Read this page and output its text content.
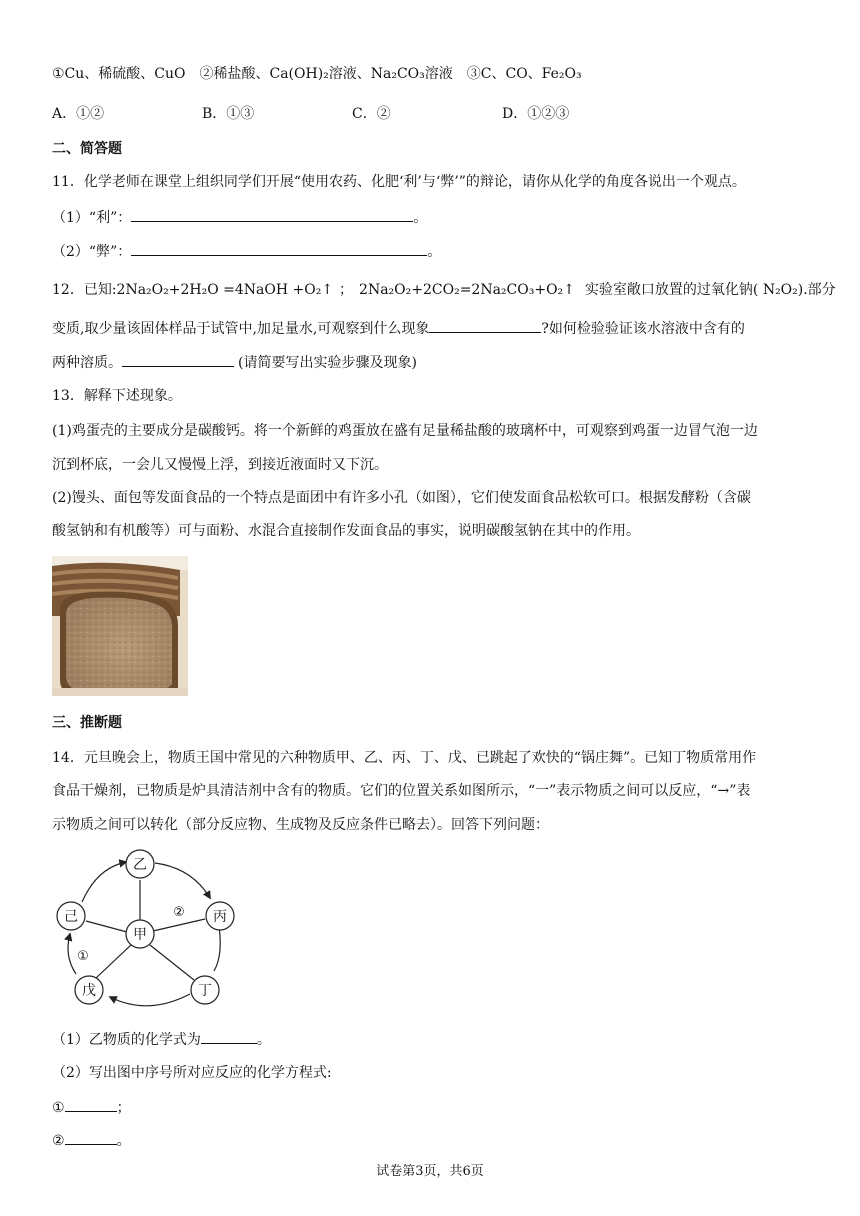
①Cu、稀硫酸、CuO　②稀盐酸、Ca(OH)₂溶液、Na₂CO₃溶液　③C、CO、Fe₂O₃
A．①②	B．①③	C．②	D．①②③
二、简答题
11．化学老师在课堂上组织同学们开展“使用农药、化肥‘利’与‘弊’”的辩论，请你从化学的角度各说出一个观点。
（1）“利”：	。
（2）“弊”：	。
12．已知:2Na₂O₂+2H₂O =4NaOH +O₂↑ ； 2Na₂O₂+2CO₂=2Na₂CO₃+O₂↑ 实验室敞口放置的过氧化钠( N₂O₂).部分
变质,取少量该固体样品于试管中,加足量水,可观察到什么现象	?如何检验验证该水溶液中含有的
两种溶质。	(请简要写出实验步骤及现象)
13．解释下述现象。
(1)鸡蛋壳的主要成分是碳酸钙。将一个新鲜的鸡蛋放在盛有足量稀盐酸的玻璃杯中，可观察到鸡蛋一边冒气泡一边
沉到杯底，一会儿又慢慢上浮，到接近液面时又下沉。
(2)馒头、面包等发面食品的一个特点是面团中有许多小孔（如图），它们使发面食品松软可口。根据发酵粉（含碳
酸氢钠和有机酸等）可与面粉、水混合直接制作发面食品的事实，说明碳酸氢钠在其中的作用。
三、推断题
14．元旦晚会上，物质王国中常见的六种物质甲、乙、丙、丁、戊、已跳起了欢快的“锅庄舞”。已知丁物质常用作
食品干燥剂，已物质是炉具清洁剂中含有的物质。它们的位置关系如图所示，“一”表示物质之间可以反应，“→”表
示物质之间可以转化（部分反应物、生成物及反应条件已略去）。回答下列问题：
乙
己
甲
丙
丁
戊
①
②
（1）乙物质的化学式为	。
（2）写出图中序号所对应反应的化学方程式:
①	；
②	。
试卷第3页，共6页
